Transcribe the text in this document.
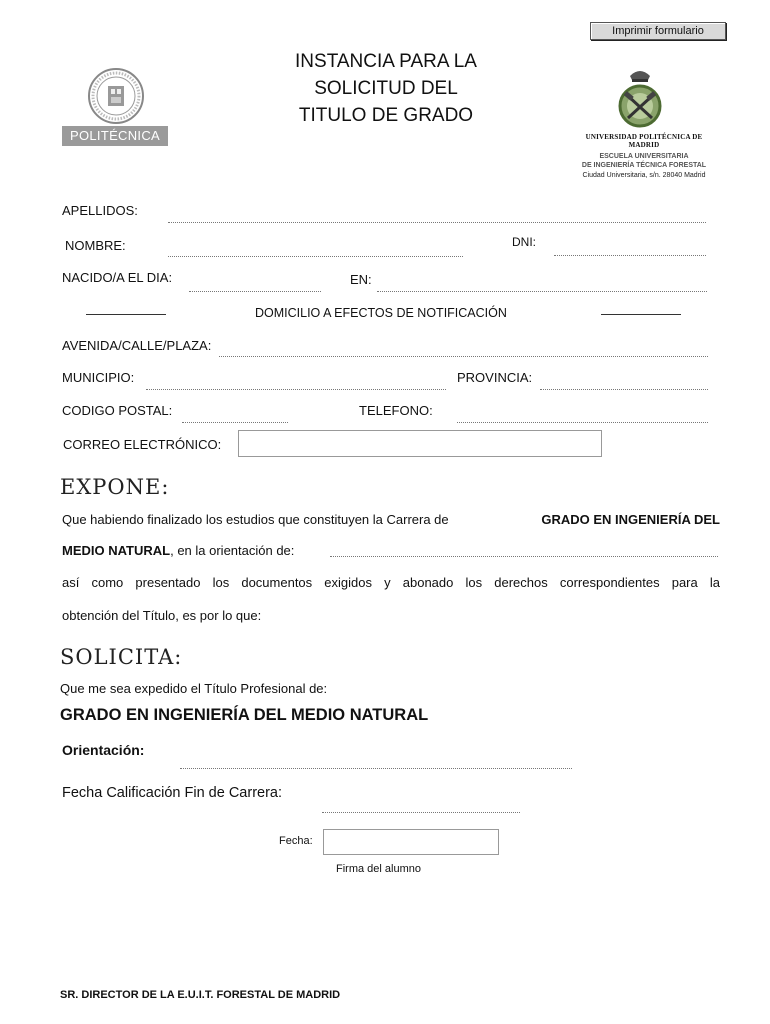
Imprimir formulario
INSTANCIA PARA LA
SOLICITUD DEL
TITULO DE GRADO
POLITÉCNICA	UNIVERSIDAD POLITÉCNICA DE MADRID
ESCUELA UNIVERSITARIA
DE INGENIERÍA TÉCNICA FORESTAL
Ciudad Universitaria, s/n. 28040 Madrid
APELLIDOS:
NOMBRE:	DNI:
NACIDO/A EL DIA:	EN:
DOMICILIO A EFECTOS DE NOTIFICACIÓN
AVENIDA/CALLE/PLAZA:
MUNICIPIO:	PROVINCIA:
CODIGO POSTAL:	TELEFONO:
CORREO ELECTRÓNICO:
EXPONE:
Que habiendo finalizado los estudios que constituyen la Carrera de	GRADO EN INGENIERÍA DEL
MEDIO NATURAL, en la orientación de:
así como presentado los documentos exigidos y abonado los derechos correspondientes para la
obtención del Título, es por lo que:
SOLICITA:
Que me sea expedido el Título Profesional de:
GRADO EN INGENIERÍA DEL MEDIO NATURAL
Orientación:
Fecha Calificación Fin de Carrera:
Fecha:
Firma del alumno
SR. DIRECTOR DE LA E.U.I.T. FORESTAL DE MADRID
